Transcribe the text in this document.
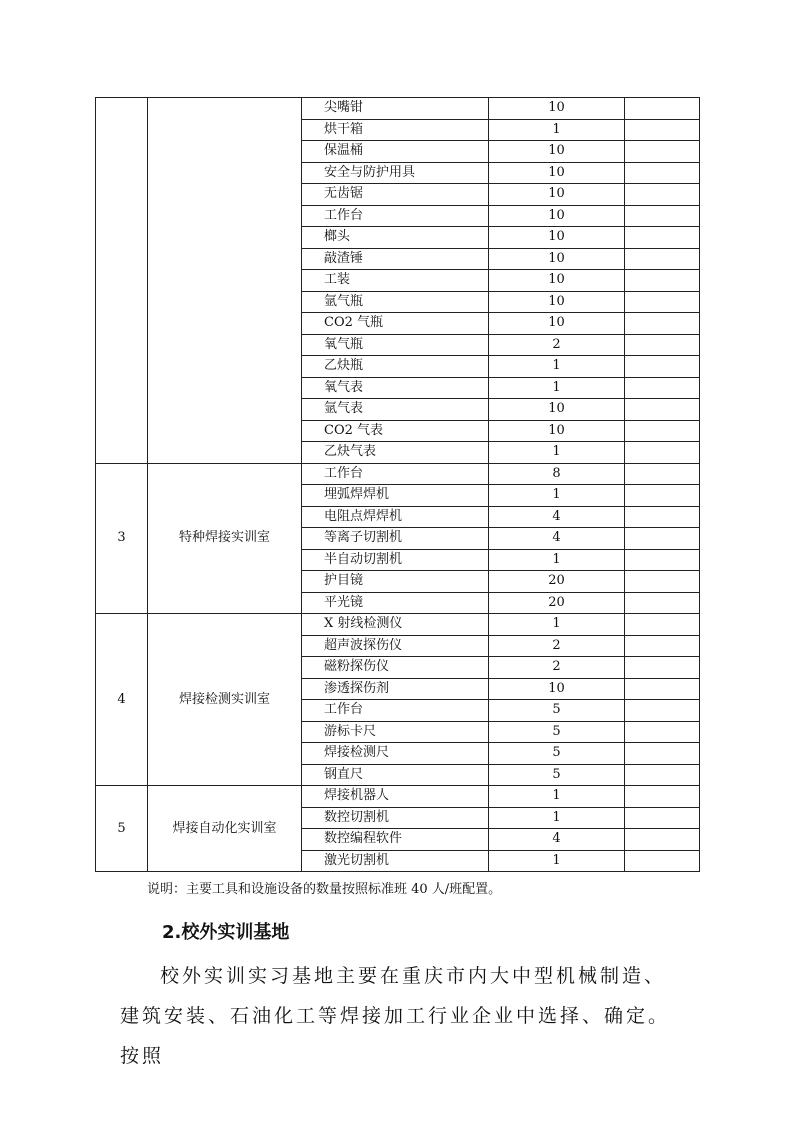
		尖嘴钳	10	
		烘干箱	1	
		保温桶	10	
		安全与防护用具	10	
		无齿锯	10	
		工作台	10	
		榔头	10	
		敲渣锤	10	
		工装	10	
		氩气瓶	10	
		CO2 气瓶	10	
		氧气瓶	2	
		乙炔瓶	1	
		氧气表	1	
		氩气表	10	
		CO2 气表	10	
		乙炔气表	1	
3	特种焊接实训室	工作台	8	
		埋弧焊焊机	1	
		电阻点焊焊机	4	
		等离子切割机	4	
		半自动切割机	1	
		护目镜	20	
		平光镜	20	
4	焊接检测实训室	X 射线检测仪	1	
		超声波探伤仪	2	
		磁粉探伤仪	2	
		渗透探伤剂	10	
		工作台	5	
		游标卡尺	5	
		焊接检测尺	5	
		钢直尺	5	
5	焊接自动化实训室	焊接机器人	1	
		数控切割机	1	
		数控编程软件	4	
		激光切割机	1	
说明：主要工具和设施设备的数量按照标准班 40 人/班配置。
2.校外实训基地
校外实训实习基地主要在重庆市内大中型机械制造、建筑安装、石油化工等焊接加工行业企业中选择、确定。按照
